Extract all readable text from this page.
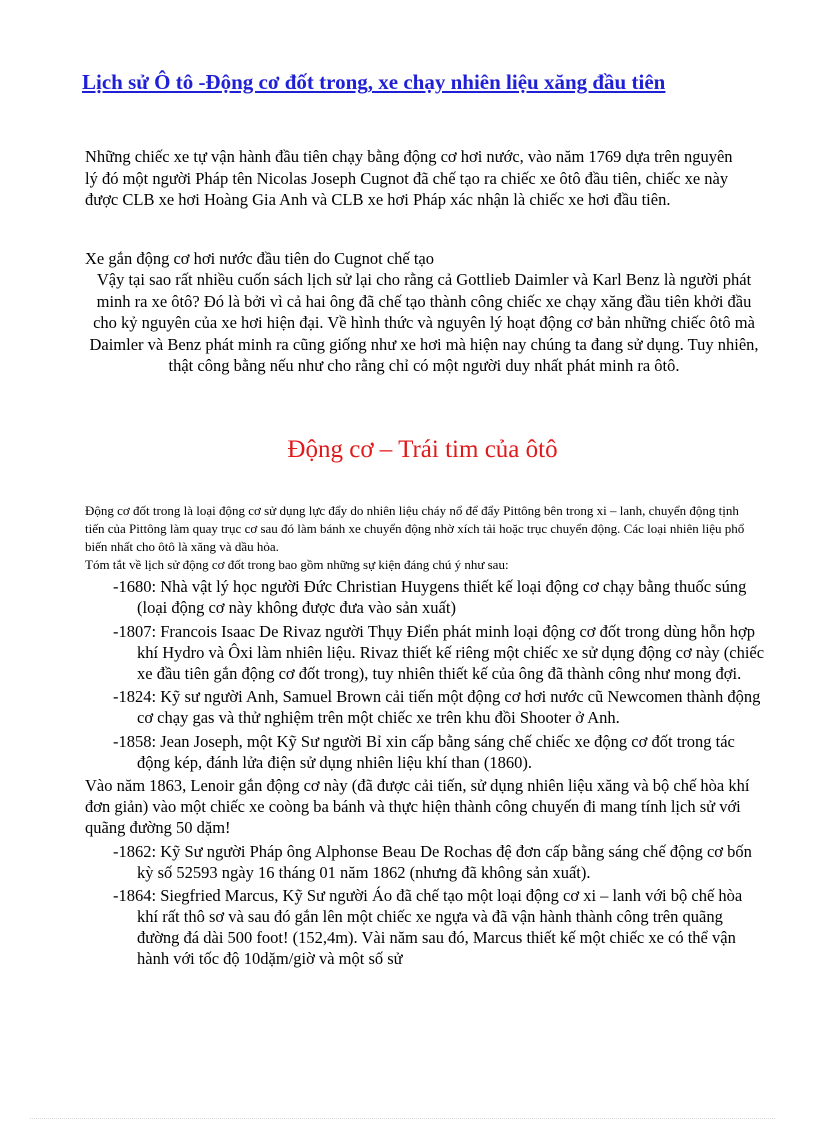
Lịch sử Ô tô -Động cơ đốt trong, xe chạy nhiên liệu xăng đầu tiên

Những chiếc xe tự vận hành đầu tiên chạy bằng động cơ hơi nước, vào năm 1769 dựa trên nguyên lý đó một người Pháp tên Nicolas Joseph Cugnot đã chế tạo ra chiếc xe ôtô đầu tiên, chiếc xe này được CLB xe hơi Hoàng Gia Anh và CLB xe hơi Pháp xác nhận là chiếc xe hơi đầu tiên.

Xe gắn động cơ hơi nước đầu tiên do Cugnot chế tạo

Vậy tại sao rất nhiều cuốn sách lịch sử lại cho rằng cả Gottlieb Daimler và Karl Benz là người phát minh ra xe ôtô? Đó là bởi vì cả hai ông đã chế tạo thành công chiếc xe chạy xăng đầu tiên khởi đầu cho kỷ nguyên của xe hơi hiện đại. Về hình thức và nguyên lý hoạt động cơ bản những chiếc ôtô mà Daimler và Benz phát minh ra cũng giống như xe hơi mà hiện nay chúng ta đang sử dụng. Tuy nhiên, thật công bằng nếu như cho rằng chỉ có một người duy nhất phát minh ra ôtô.

Động cơ – Trái tim của ôtô
Động cơ đốt trong là loại động cơ sử dụng lực đẩy do nhiên liệu cháy nổ để đẩy Pittông bên trong xi – lanh, chuyển động tịnh tiến của Pittông làm quay trục cơ sau đó làm bánh xe chuyển động nhờ xích tải hoặc trục chuyển động. Các loại nhiên liệu phổ biến nhất cho ôtô là xăng và dầu hỏa.
Tóm tắt về lịch sử động cơ đốt trong bao gồm những sự kiện đáng chú ý như sau:
-1680: Nhà vật lý học người Đức Christian Huygens thiết kế loại động cơ chạy bằng thuốc súng (loại động cơ này không được đưa vào sản xuất)
-1807: Francois Isaac De Rivaz người Thụy Điển phát minh loại động cơ đốt trong dùng hỗn hợp khí Hydro và Ôxi làm nhiên liệu. Rivaz thiết kế riêng một chiếc xe sử dụng động cơ này (chiếc xe đầu tiên gắn động cơ đốt trong), tuy nhiên thiết kế của ông đã thành công như mong đợi.
-1824: Kỹ sư người Anh, Samuel Brown cải tiến một động cơ hơi nước cũ Newcomen thành động cơ chạy gas và thử nghiệm trên một chiếc xe trên khu đồi Shooter ở Anh.
-1858: Jean Joseph, một Kỹ Sư người Bỉ xin cấp bằng sáng chế chiếc xe động cơ đốt trong tác động kép, đánh lửa điện sử dụng nhiên liệu khí than (1860).
Vào năm 1863, Lenoir gắn động cơ này (đã được cải tiến, sử dụng nhiên liệu xăng và bộ chế hòa khí đơn giản) vào một chiếc xe coòng ba bánh và thực hiện thành công chuyến đi mang tính lịch sử với quãng đường 50 dặm!
-1862: Kỹ Sư người Pháp ông Alphonse Beau De Rochas đệ đơn cấp bằng sáng chế động cơ bốn kỳ số 52593 ngày 16 tháng 01 năm 1862 (nhưng đã không sản xuất).
-1864: Siegfried Marcus, Kỹ Sư người Áo đã chế tạo một loại động cơ xi – lanh với bộ chế hòa khí rất thô sơ và sau đó gắn lên một chiếc xe ngựa và đã vận hành thành công trên quãng đường đá dài 500 foot! (152,4m). Vài năm sau đó, Marcus thiết kế một chiếc xe có thể vận hành với tốc độ 10dặm/giờ và một số sử
